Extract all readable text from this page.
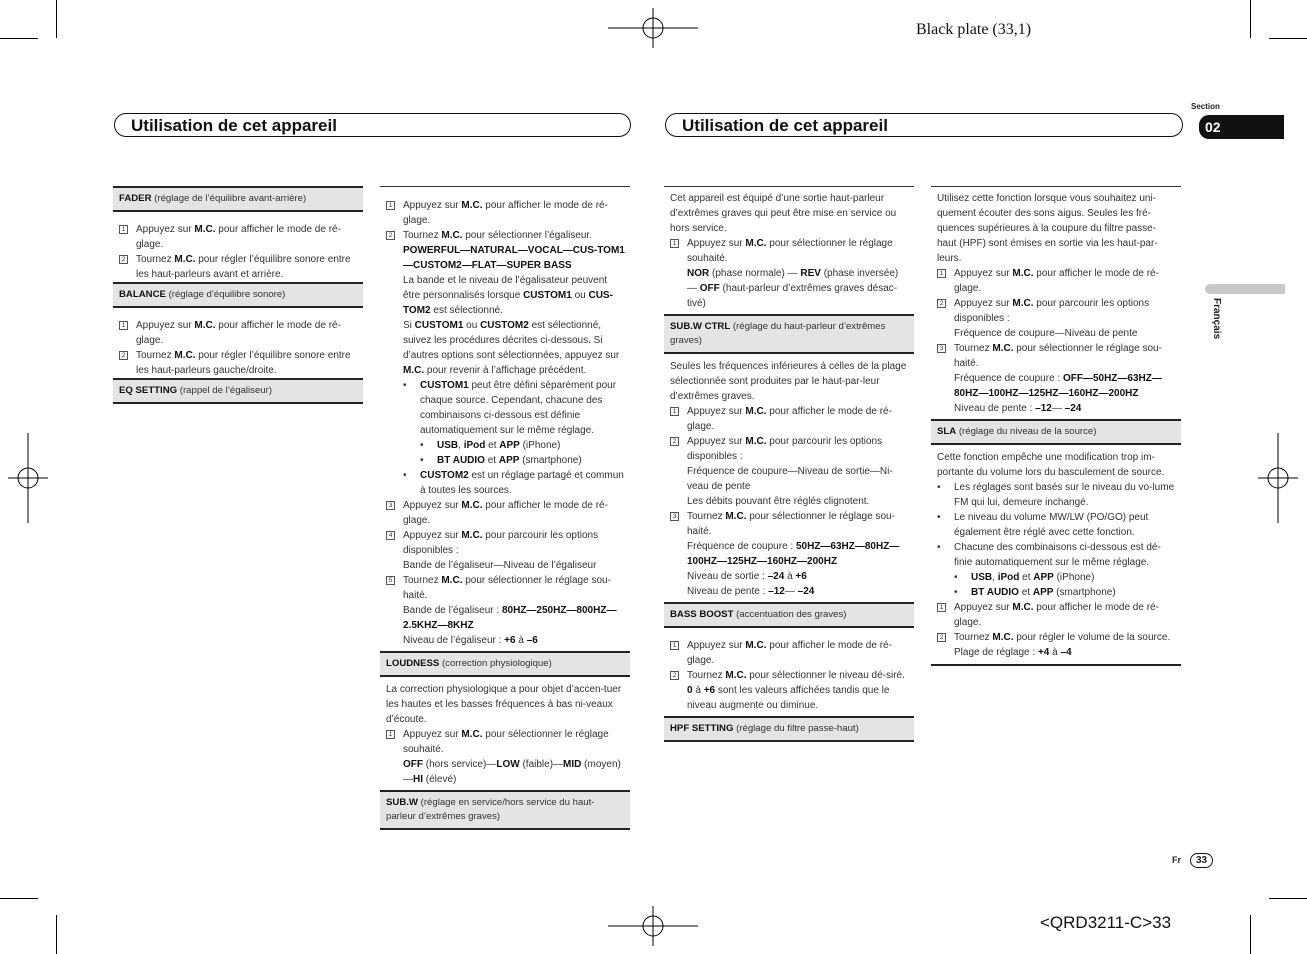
Black plate (33,1)
<QRD3211-C>33
Utilisation de cet appareil	Utilisation de cet appareil
Section
02
Français
Fr 33
FADER (réglage de l’équilibre avant-arrière)
1 Appuyez sur M.C. pour afficher le mode de ré-glage.
2 Tournez M.C. pour régler l’équilibre sonore entre les haut-parleurs avant et arrière.
BALANCE (réglage d’équilibre sonore)
1 Appuyez sur M.C. pour afficher le mode de ré-glage.
2 Tournez M.C. pour régler l’équilibre sonore entre les haut-parleurs gauche/droite.
EQ SETTING (rappel de l’égaliseur)
1 Appuyez sur M.C. pour afficher le mode de ré-glage.
2 Tournez M.C. pour sélectionner l’égaliseur.
POWERFUL—NATURAL—VOCAL—CUS-TOM1—CUSTOM2—FLAT—SUPER BASS
La bande et le niveau de l’égalisateur peuvent être personnalisés lorsque CUSTOM1 ou CUS-TOM2 est sélectionné.
Si CUSTOM1 ou CUSTOM2 est sélectionné, suivez les procédures décrites ci-dessous. Si d’autres options sont sélectionnées, appuyez sur M.C. pour revenir à l’affichage précédent.
• CUSTOM1 peut être défini séparément pour chaque source. Cependant, chacune des combinaisons ci-dessous est définie automatiquement sur le même réglage.
• USB, iPod et APP (iPhone)
• BT AUDIO et APP (smartphone)
• CUSTOM2 est un réglage partagé et commun à toutes les sources.
3 Appuyez sur M.C. pour afficher le mode de ré-glage.
4 Appuyez sur M.C. pour parcourir les options disponibles :
Bande de l’égaliseur—Niveau de l’égaliseur
5 Tournez M.C. pour sélectionner le réglage sou-haité.
Bande de l’égaliseur : 80HZ—250HZ—800HZ—2.5KHZ—8KHZ
Niveau de l’égaliseur : +6 à –6
LOUDNESS (correction physiologique)
La correction physiologique a pour objet d’accen-tuer les hautes et les basses fréquences à bas ni-veaux d’écoute.
1 Appuyez sur M.C. pour sélectionner le réglage souhaité.
OFF (hors service)—LOW (faible)—MID (moyen)—HI (élevé)
SUB.W (réglage en service/hors service du haut-parleur d’extrêmes graves)
Cet appareil est équipé d’une sortie haut-parleur d’extrêmes graves qui peut être mise en service ou hors service.
1 Appuyez sur M.C. pour sélectionner le réglage souhaité.
NOR (phase normale) — REV (phase inversée) — OFF (haut-parleur d’extrêmes graves désac-tivé)
SUB.W CTRL (réglage du haut-parleur d’extrêmes graves)
Seules les fréquences inférieures à celles de la plage sélectionnée sont produites par le haut-par-leur d’extrêmes graves.
1 Appuyez sur M.C. pour afficher le mode de ré-glage.
2 Appuyez sur M.C. pour parcourir les options disponibles :
Fréquence de coupure—Niveau de sortie—Ni-veau de pente
Les débits pouvant être réglés clignotent.
3 Tournez M.C. pour sélectionner le réglage sou-haité.
Fréquence de coupure : 50HZ—63HZ—80HZ—100HZ—125HZ—160HZ—200HZ
Niveau de sortie : –24 à +6
Niveau de pente : –12— –24
BASS BOOST (accentuation des graves)
1 Appuyez sur M.C. pour afficher le mode de ré-glage.
2 Tournez M.C. pour sélectionner le niveau dé-siré.
0 à +6 sont les valeurs affichées tandis que le niveau augmente ou diminue.
HPF SETTING (réglage du filtre passe-haut)
Utilisez cette fonction lorsque vous souhaitez uni-quement écouter des sons aigus. Seules les fré-quences supérieures à la coupure du filtre passe-haut (HPF) sont émises en sortie via les haut-par-leurs.
1 Appuyez sur M.C. pour afficher le mode de ré-glage.
2 Appuyez sur M.C. pour parcourir les options disponibles :
Fréquence de coupure—Niveau de pente
3 Tournez M.C. pour sélectionner le réglage sou-haité.
Fréquence de coupure : OFF—50HZ—63HZ—80HZ—100HZ—125HZ—160HZ—200HZ
Niveau de pente : –12— –24
SLA (réglage du niveau de la source)
Cette fonction empêche une modification trop im-portante du volume lors du basculement de source.
• Les réglages sont basés sur le niveau du vo-lume FM qui lui, demeure inchangé.
• Le niveau du volume MW/LW (PO/GO) peut également être réglé avec cette fonction.
• Chacune des combinaisons ci-dessous est dé-finie automatiquement sur le même réglage.
• USB, iPod et APP (iPhone)
• BT AUDIO et APP (smartphone)
1 Appuyez sur M.C. pour afficher le mode de ré-glage.
2 Tournez M.C. pour régler le volume de la source.
Plage de réglage : +4 à –4
